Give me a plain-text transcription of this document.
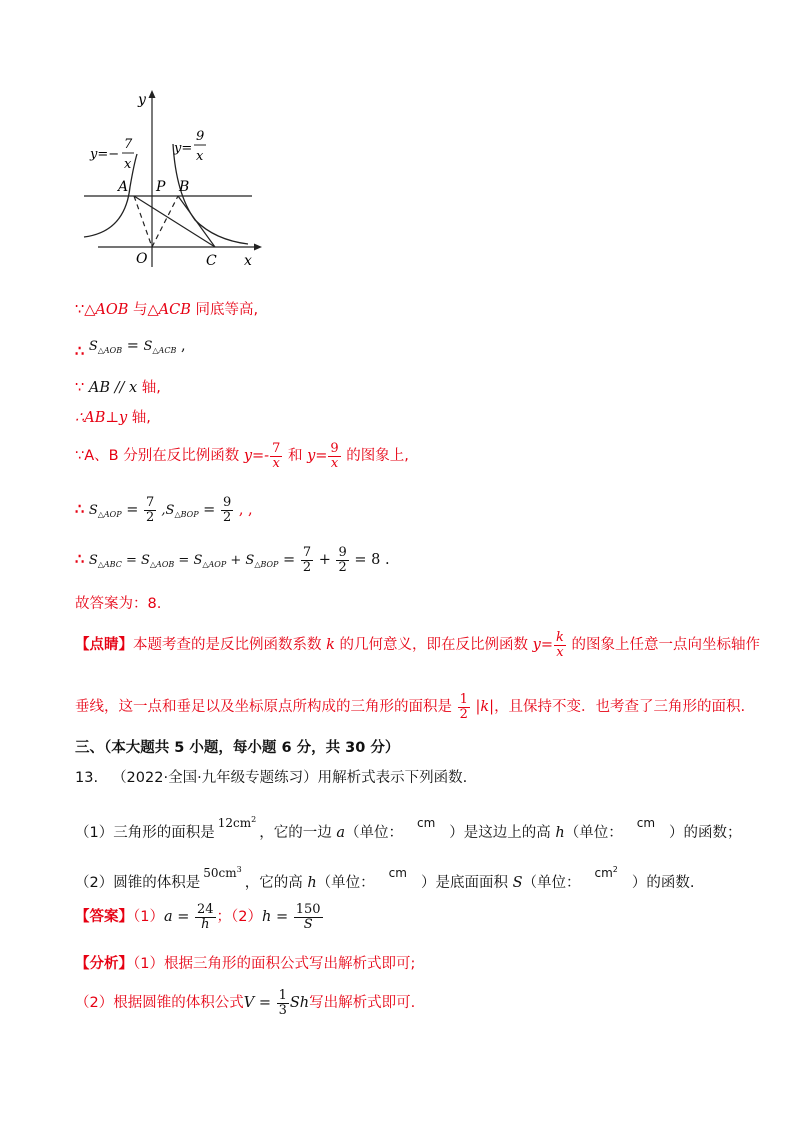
y
x
O
A P B
C
y=−
7
x
y=
9
x
∵△AOB 与△ACB 同底等高,
∴ $S_{\triangle AOB} = S_{\triangle ACB}$ ,
∵ AB // x 轴,
∴AB⊥y 轴,
∵A、B 分别在反比例函数 $y=- \frac{7}{x}$ 和 $y= \frac{9}{x}$ 的图象上,
∴ $S_{\triangle AOP} = \frac{7}{2} ,S_{\triangle BOP} = \frac{9}{2}$ , ,
∴ $S_{\triangle ABC} = S_{\triangle AOB} = S_{\triangle AOP} + S_{\triangle BOP} = \frac{7}{2} + \frac{9}{2} = 8$ .
故答案为：8.
【点睛】本题考查的是反比例函数系数 k 的几何意义，即在反比例函数 $y= \frac{k}{x}$ 的图象上任意一点向坐标轴作
垂线，这一点和垂足以及坐标原点所构成的三角形的面积是 $\frac{1}{2} |k|$，且保持不变．也考查了三角形的面积.
三、（本大题共 5 小题，每小题 6 分，共 30 分）
13. （2022·全国·九年级专题练习）用解析式表示下列函数.
（1）三角形的面积是$^{12cm^2}$，它的一边 a（单位：$^{cm}$）是这边上的高 h（单位：$^{cm}$）的函数；
（2）圆锥的体积是$^{50cm^3}$，它的高 h（单位：$^{cm}$）是底面面积 S（单位：$^{cm^2}$）的函数.
【答案】$(1)a = \frac{24}{h}$ ；$(2)h = \frac{150}{S}$
【分析】（1）根据三角形的面积公式写出解析式即可;
（2）根据圆锥的体积公式$V = \frac{1}{3}$ Sh写出解析式即可.
